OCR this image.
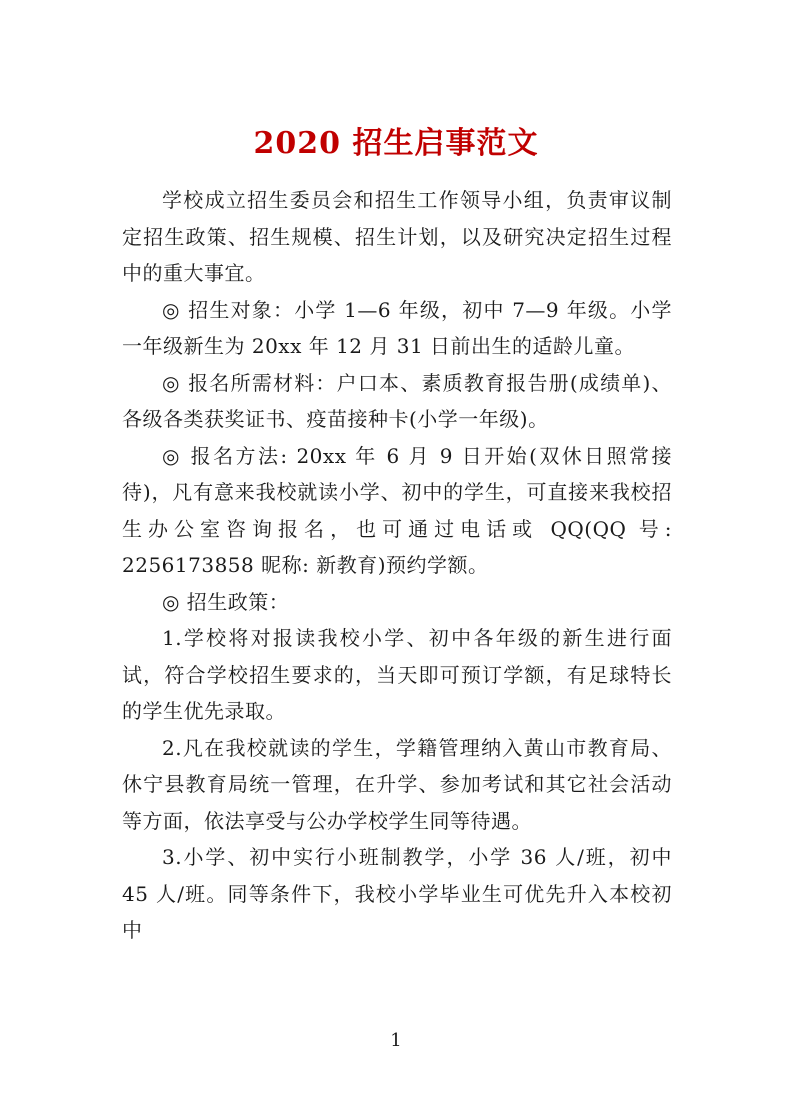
2020 招生启事范文

学校成立招生委员会和招生工作领导小组，负责审议制定招生政策、招生规模、招生计划，以及研究决定招生过程中的重大事宜。

◎ 招生对象：小学 1—6 年级，初中 7—9 年级。小学一年级新生为 20xx 年 12 月 31 日前出生的适龄儿童。

◎ 报名所需材料：户口本、素质教育报告册(成绩单)、各级各类获奖证书、疫苗接种卡(小学一年级)。

◎ 报名方法: 20xx 年 6 月 9 日开始(双休日照常接待)，凡有意来我校就读小学、初中的学生，可直接来我校招生办公室咨询报名，也可通过电话或 QQ(QQ 号: 2256173858 昵称: 新教育)预约学额。

◎ 招生政策：

1.学校将对报读我校小学、初中各年级的新生进行面试，符合学校招生要求的，当天即可预订学额，有足球特长的学生优先录取。

2.凡在我校就读的学生，学籍管理纳入黄山市教育局、休宁县教育局统一管理，在升学、参加考试和其它社会活动等方面，依法享受与公办学校学生同等待遇。

3.小学、初中实行小班制教学，小学 36 人/班，初中 45 人/班。同等条件下，我校小学毕业生可优先升入本校初中

1
